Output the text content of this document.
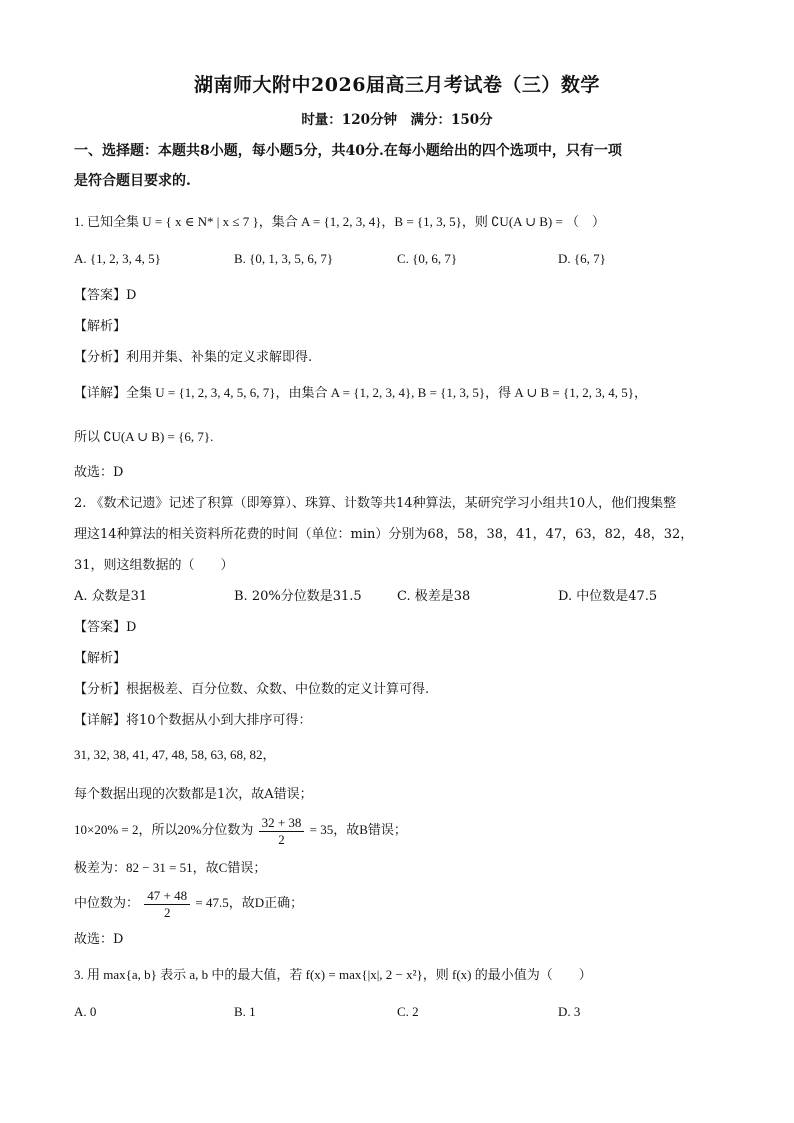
湖南师大附中2026届高三月考试卷（三）数学
时量：120分钟　满分：150分
一、选择题：本题共8小题，每小题5分，共40分.在每小题给出的四个选项中，只有一项
是符合题目要求的.
1. 已知全集 U = { x ∈ N* | x ≤ 7 }，集合 A = {1, 2, 3, 4}，B = {1, 3, 5}，则 ∁U(A ∪ B) = （　）
A. {1, 2, 3, 4, 5}	B. {0, 1, 3, 5, 6, 7}	C. {0, 6, 7}	D. {6, 7}
【答案】D
【解析】
【分析】利用并集、补集的定义求解即得.
【详解】全集 U = {1, 2, 3, 4, 5, 6, 7}，由集合 A = {1, 2, 3, 4}, B = {1, 3, 5}，得 A ∪ B = {1, 2, 3, 4, 5}，
所以 ∁U(A ∪ B) = {6, 7}.
故选：D
2. 《数术记遗》记述了积算（即筹算）、珠算、计数等共14种算法，某研究学习小组共10人，他们搜集整
理这14种算法的相关资料所花费的时间（单位：min）分别为68，58，38，41，47，63，82，48，32，
31，则这组数据的（　　）
A. 众数是31	B. 20%分位数是31.5	C. 极差是38	D. 中位数是47.5
【答案】D
【解析】
【分析】根据极差、百分位数、众数、中位数的定义计算可得.
【详解】将10个数据从小到大排序可得：
31, 32, 38, 41, 47, 48, 58, 63, 68, 82，
每个数据出现的次数都是1次，故A错误；
10×20% = 2，所以20%分位数为 $\frac{32 + 38}{2} = 35$，故B错误；
极差为：82 − 31 = 51，故C错误；
中位数为： $\frac{47 + 48}{2} = 47.5$，故D正确；
故选：D
3. 用 max{a, b} 表示 a, b 中的最大值，若 f(x) = max{|x|, 2 − x²}，则 f(x) 的最小值为（　　）
A. 0	B. 1	C. 2	D. 3
